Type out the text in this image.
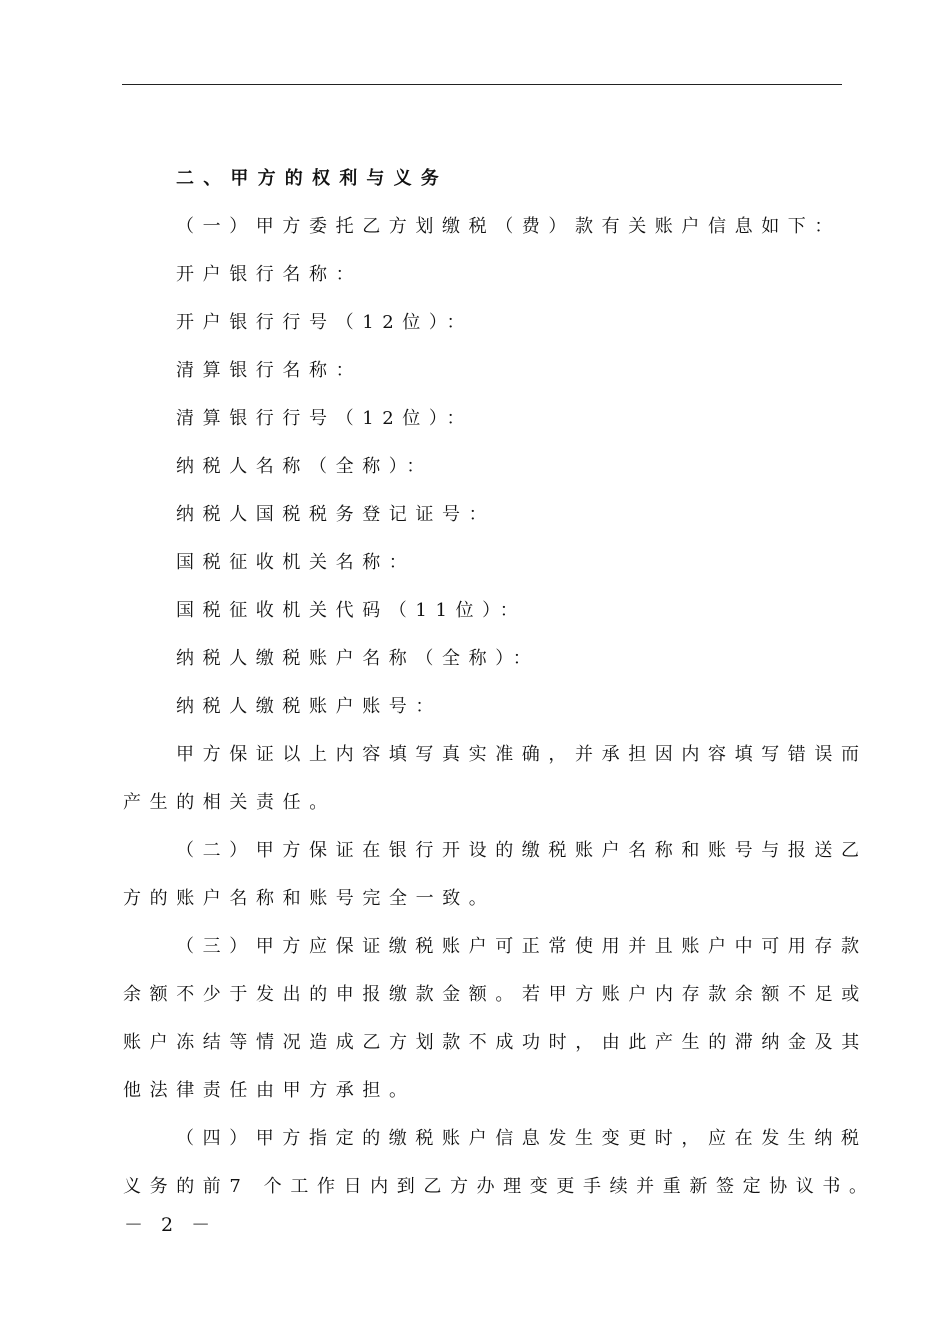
二、甲方的权利与义务
（一）甲方委托乙方划缴税（费）款有关账户信息如下：
开户银行名称：
开户银行行号（12位）：
清算银行名称：
清算银行行号（12位）：
纳税人名称（全称）：
纳税人国税税务登记证号：
国税征收机关名称：
国税征收机关代码（11位）：
纳税人缴税账户名称（全称）：
纳税人缴税账户账号：
甲方保证以上内容填写真实准确，并承担因内容填写错误而
产生的相关责任。
（二）甲方保证在银行开设的缴税账户名称和账号与报送乙
方的账户名称和账号完全一致。
（三）甲方应保证缴税账户可正常使用并且账户中可用存款
余额不少于发出的申报缴款金额。若甲方账户内存款余额不足或
账户冻结等情况造成乙方划款不成功时，由此产生的滞纳金及其
他法律责任由甲方承担。
（四）甲方指定的缴税账户信息发生变更时，应在发生纳税
义务的前7 个工作日内到乙方办理变更手续并重新签定协议书。
－ 2 －
